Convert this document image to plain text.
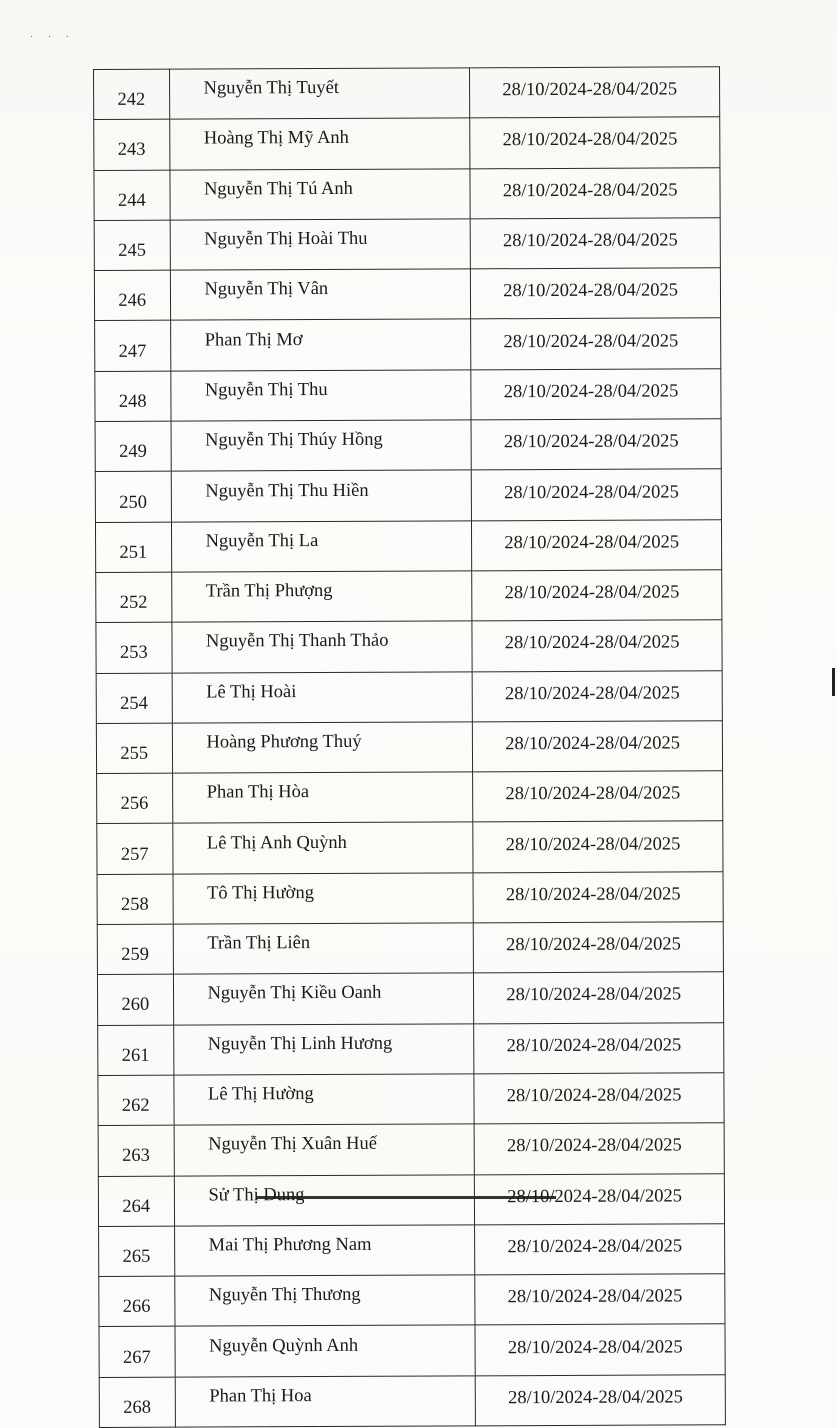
· · ·
242	Nguyễn Thị Tuyết	28/10/2024-28/04/2025
243	Hoàng Thị Mỹ Anh	28/10/2024-28/04/2025
244	Nguyễn Thị Tú Anh	28/10/2024-28/04/2025
245	Nguyễn Thị Hoài Thu	28/10/2024-28/04/2025
246	Nguyễn Thị Vân	28/10/2024-28/04/2025
247	Phan Thị Mơ	28/10/2024-28/04/2025
248	Nguyễn Thị Thu	28/10/2024-28/04/2025
249	Nguyễn Thị Thúy Hồng	28/10/2024-28/04/2025
250	Nguyễn Thị Thu Hiền	28/10/2024-28/04/2025
251	Nguyễn Thị La	28/10/2024-28/04/2025
252	Trần Thị Phượng	28/10/2024-28/04/2025
253	Nguyễn Thị Thanh Thảo	28/10/2024-28/04/2025
254	Lê Thị Hoài	28/10/2024-28/04/2025
255	Hoàng Phương Thuý	28/10/2024-28/04/2025
256	Phan Thị Hòa	28/10/2024-28/04/2025
257	Lê Thị Anh Quỳnh	28/10/2024-28/04/2025
258	Tô Thị Hường	28/10/2024-28/04/2025
259	Trần Thị Liên	28/10/2024-28/04/2025
260	Nguyễn Thị Kiều Oanh	28/10/2024-28/04/2025
261	Nguyễn Thị Linh Hương	28/10/2024-28/04/2025
262	Lê Thị Hường	28/10/2024-28/04/2025
263	Nguyễn Thị Xuân Huế	28/10/2024-28/04/2025
264	Sử Thị Dung	28/10/2024-28/04/2025
265	Mai Thị Phương Nam	28/10/2024-28/04/2025
266	Nguyễn Thị Thương	28/10/2024-28/04/2025
267	Nguyễn Quỳnh Anh	28/10/2024-28/04/2025
268	Phan Thị Hoa	28/10/2024-28/04/2025
